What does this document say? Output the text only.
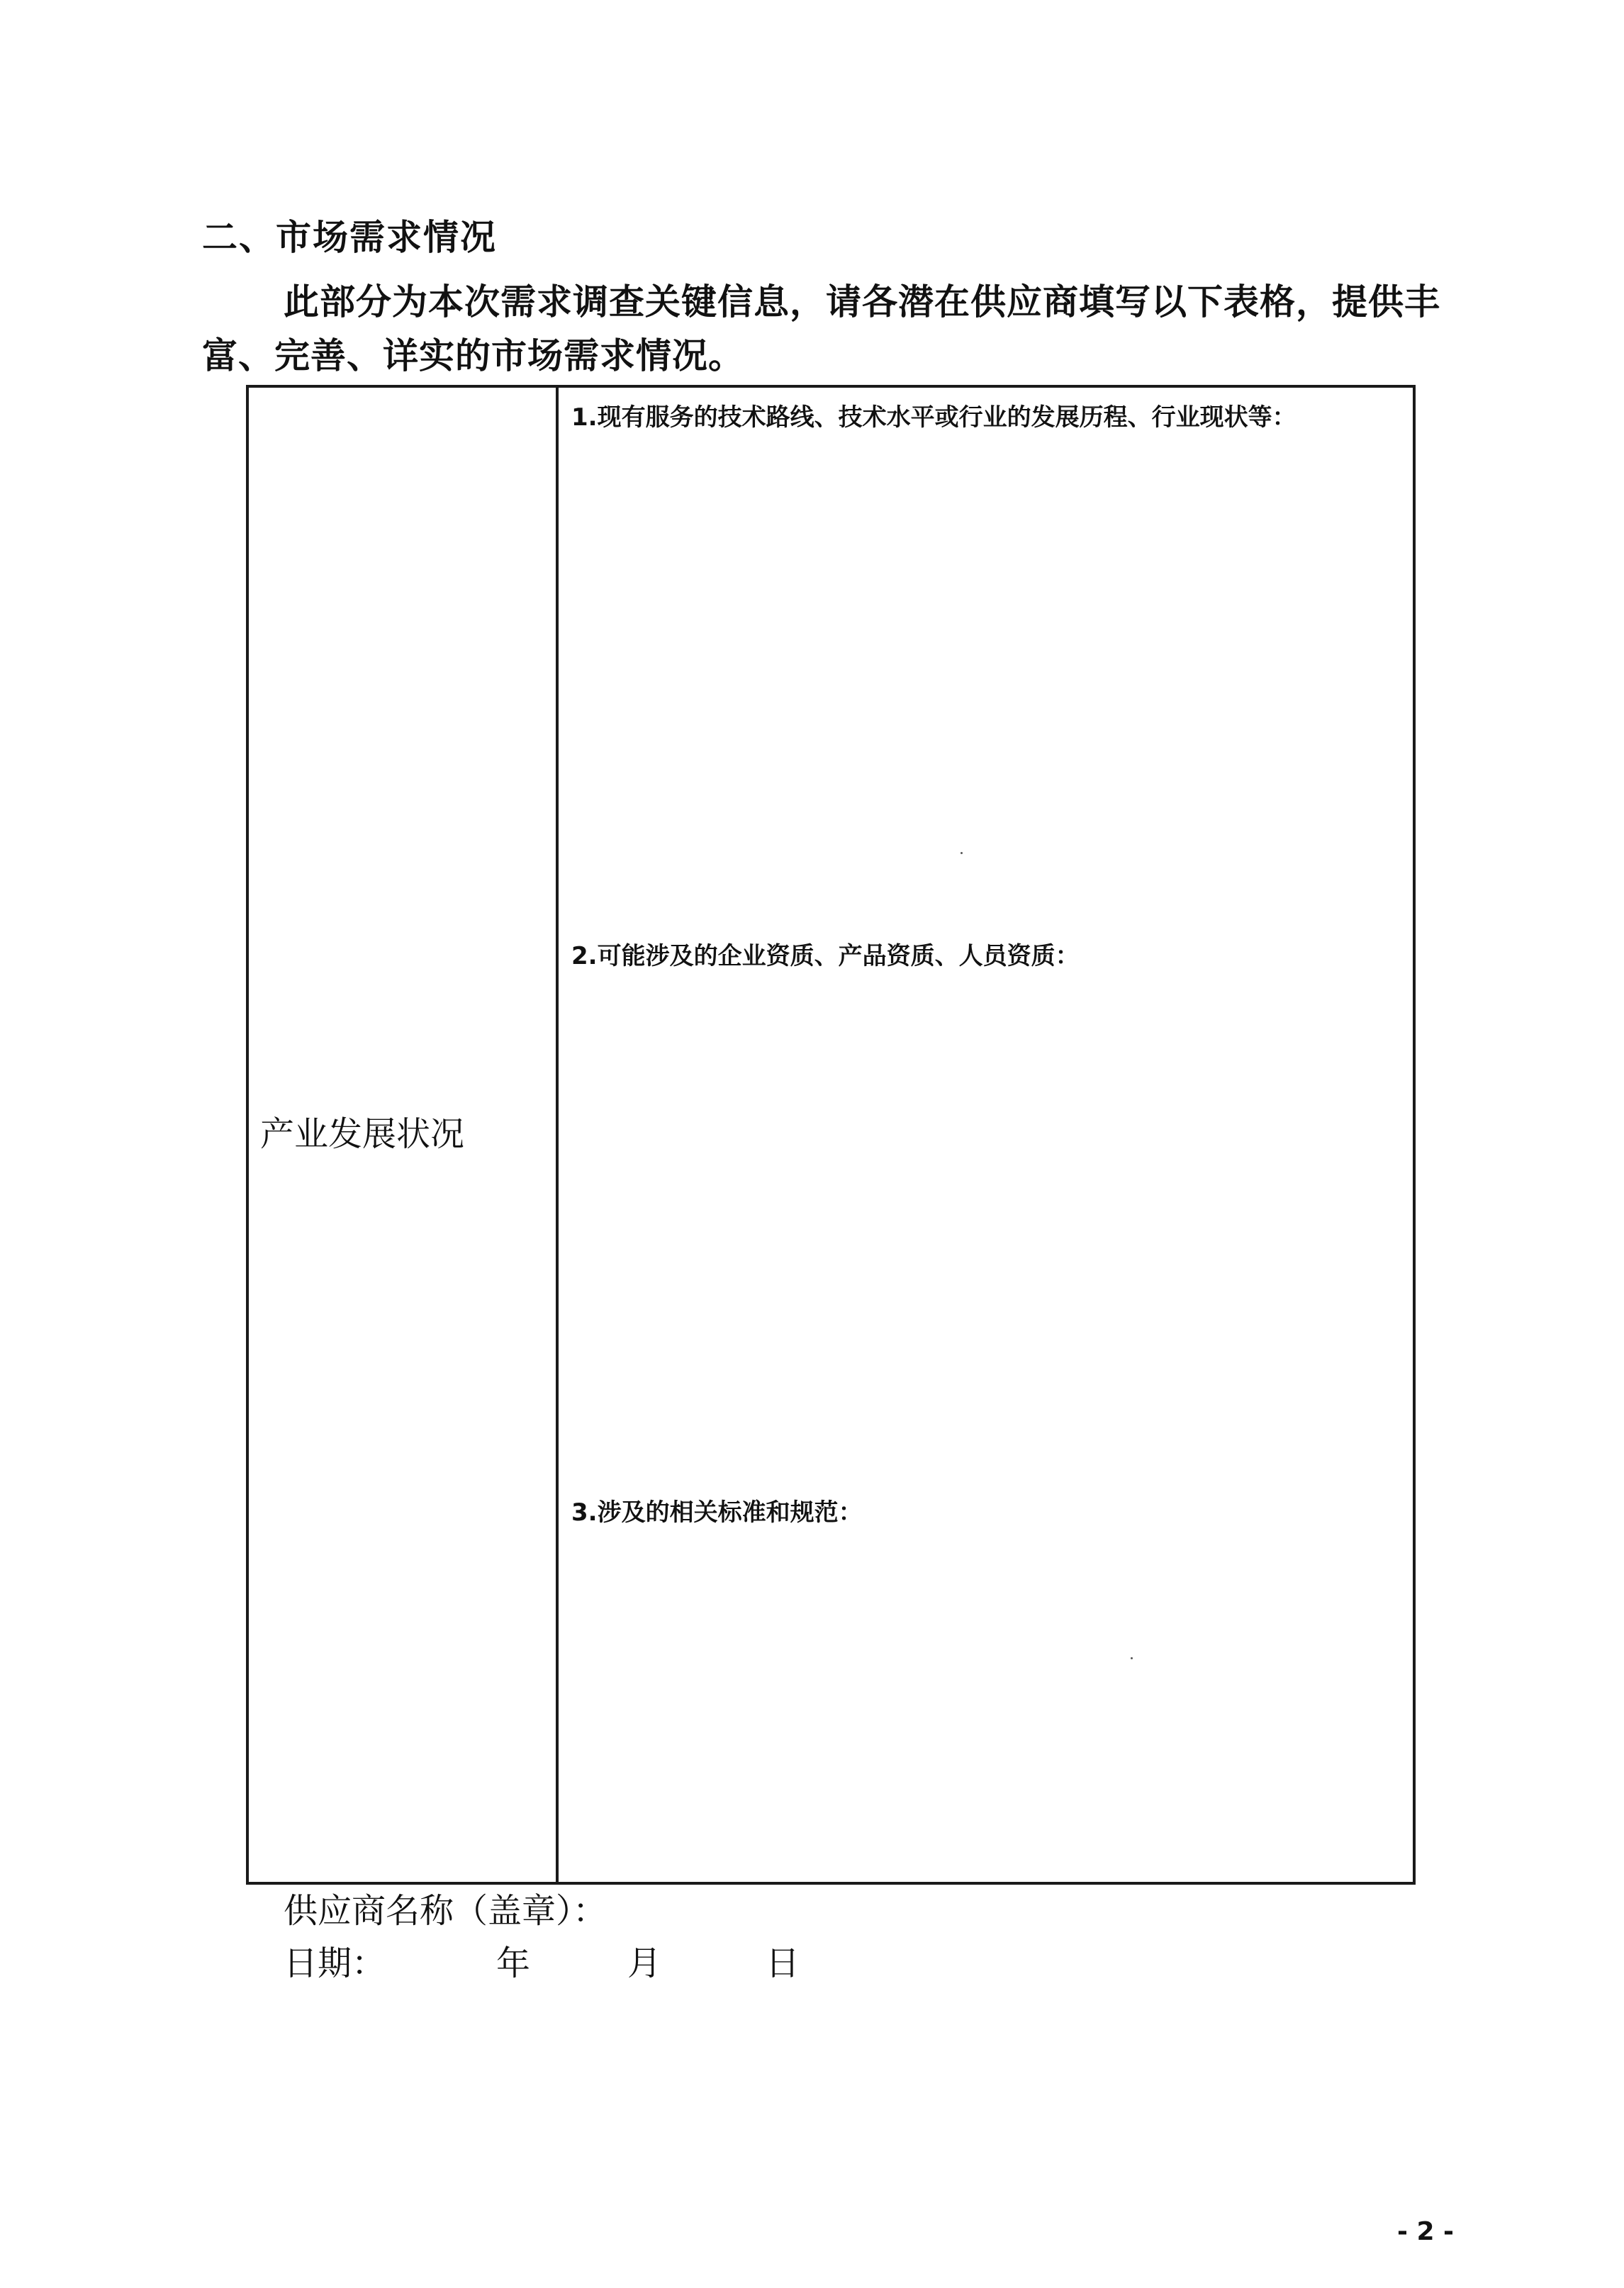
二、市场需求情况
此部分为本次需求调查关键信息，请各潜在供应商填写以下表格，提供丰富、完善、详实的市场需求情况。
产业发展状况
1.现有服务的技术路线、技术水平或行业的发展历程、行业现状等：
2.可能涉及的企业资质、产品资质、人员资质：
3.涉及的相关标准和规范：
供应商名称（盖章）：
日期：	年	月	日
- 2 -
